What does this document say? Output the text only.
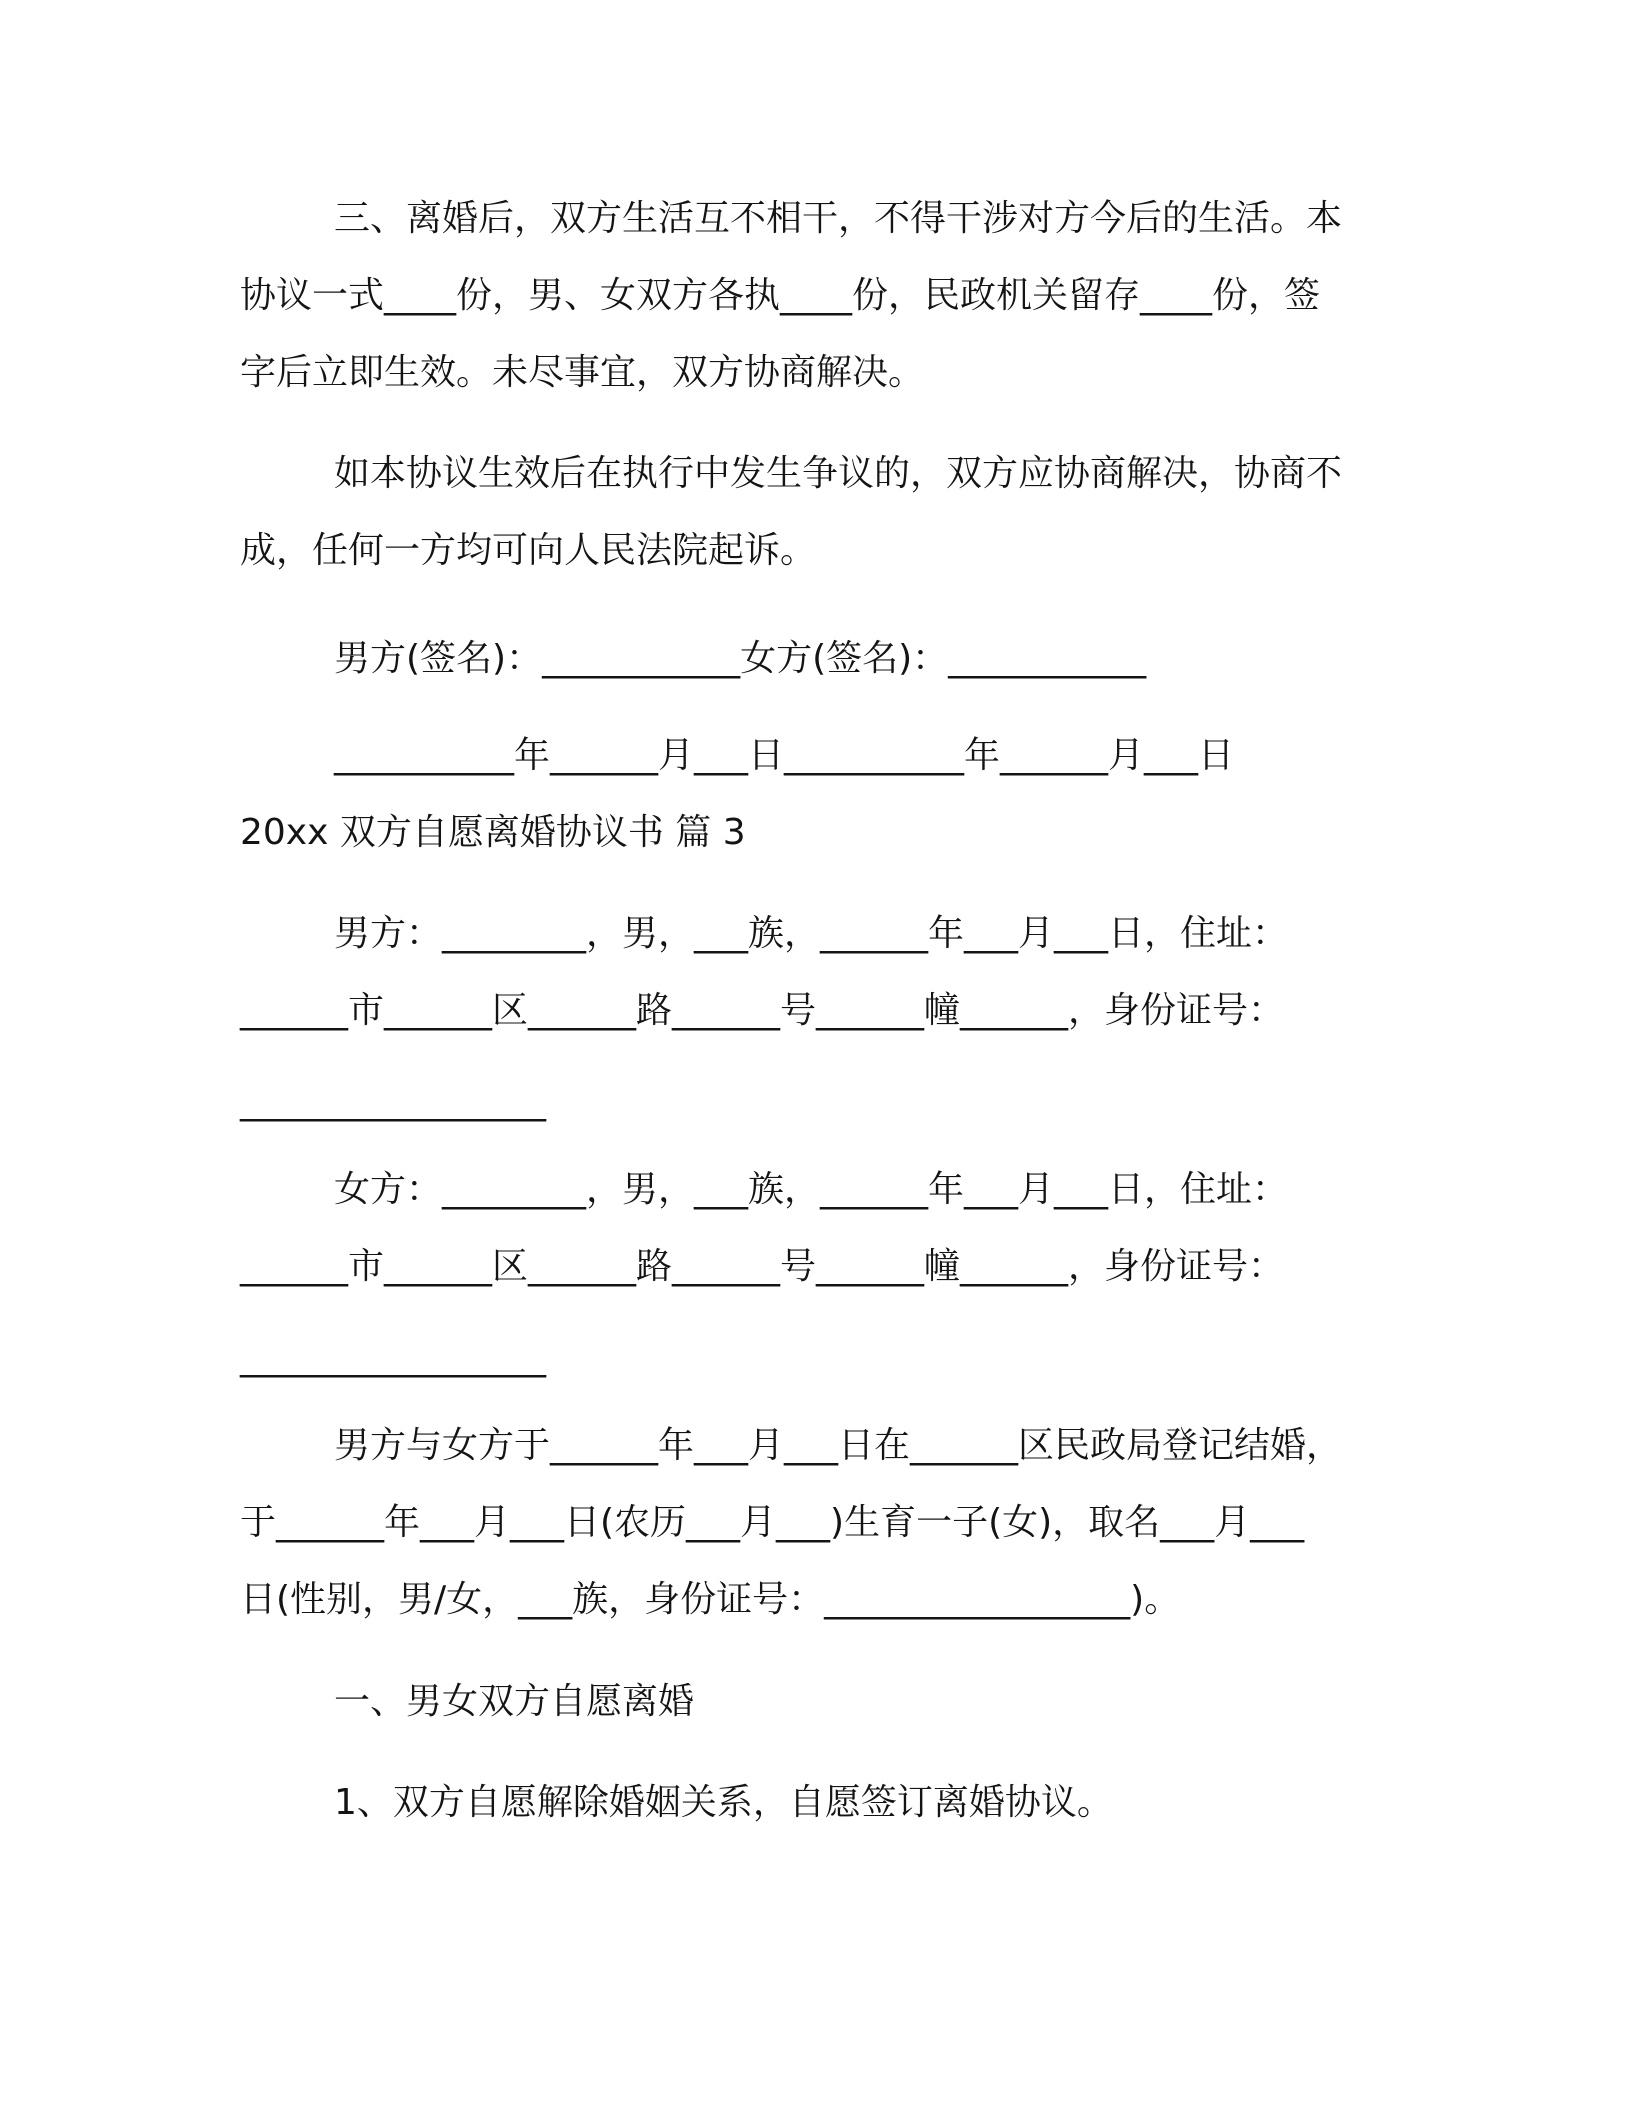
三、离婚后，双方生活互不相干，不得干涉对方今后的生活。本
协议一式____份，男、女双方各执____份，民政机关留存____份，签
字后立即生效。未尽事宜，双方协商解决。
如本协议生效后在执行中发生争议的，双方应协商解决，协商不
成，任何一方均可向人民法院起诉。
男方(签名)：___________女方(签名)：___________
__________年______月___日__________年______月___日
20xx 双方自愿离婚协议书 篇 3
男方：________，男，___族，______年___月___日，住址：
______市______区______路______号______幢______，身份证号：
_________________
女方：________，男，___族，______年___月___日，住址：
______市______区______路______号______幢______，身份证号：
_________________
男方与女方于______年___月___日在______区民政局登记结婚，
于______年___月___日(农历___月___)生育一子(女)，取名___月___
日(性别，男/女，___族，身份证号：_________________)。
一、男女双方自愿离婚
1、双方自愿解除婚姻关系，自愿签订离婚协议。
